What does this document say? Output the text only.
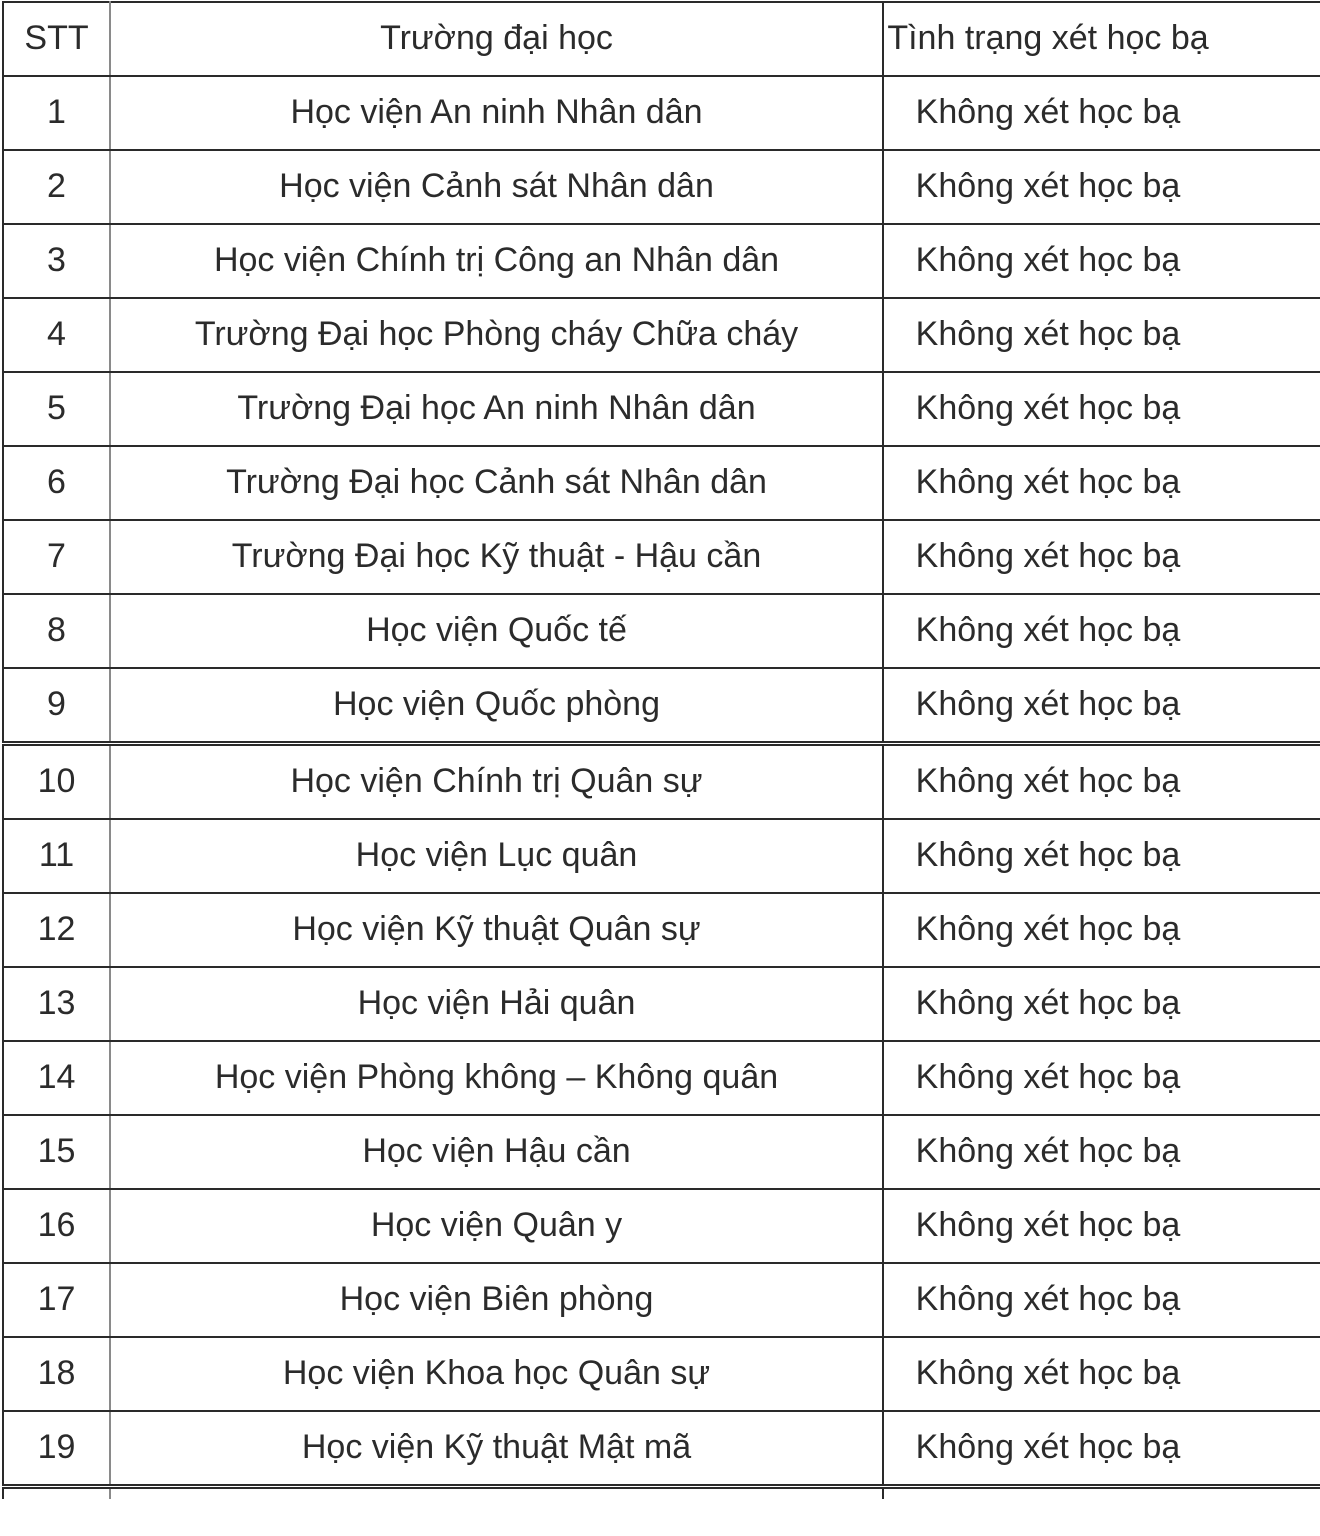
STT	Trường đại học	Tình trạng xét học bạ
1	Học viện An ninh Nhân dân	Không xét học bạ
2	Học viện Cảnh sát Nhân dân	Không xét học bạ
3	Học viện Chính trị Công an Nhân dân	Không xét học bạ
4	Trường Đại học Phòng cháy Chữa cháy	Không xét học bạ
5	Trường Đại học An ninh Nhân dân	Không xét học bạ
6	Trường Đại học Cảnh sát Nhân dân	Không xét học bạ
7	Trường Đại học Kỹ thuật - Hậu cần	Không xét học bạ
8	Học viện Quốc tế	Không xét học bạ
9	Học viện Quốc phòng	Không xét học bạ
10	Học viện Chính trị Quân sự	Không xét học bạ
11	Học viện Lục quân	Không xét học bạ
12	Học viện Kỹ thuật Quân sự	Không xét học bạ
13	Học viện Hải quân	Không xét học bạ
14	Học viện Phòng không – Không quân	Không xét học bạ
15	Học viện Hậu cần	Không xét học bạ
16	Học viện Quân y	Không xét học bạ
17	Học viện Biên phòng	Không xét học bạ
18	Học viện Khoa học Quân sự	Không xét học bạ
19	Học viện Kỹ thuật Mật mã	Không xét học bạ
